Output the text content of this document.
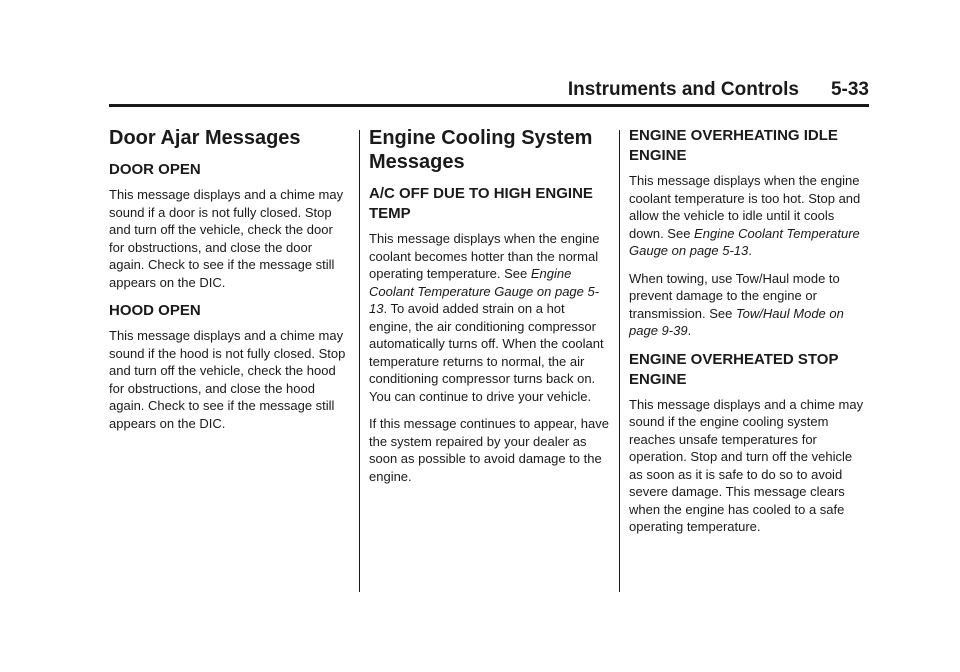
Instruments and Controls 5-33
Door Ajar Messages
DOOR OPEN

This message displays and a chime may sound if a door is not fully closed. Stop and turn off the vehicle, check the door for obstructions, and close the door again. Check to see if the message still appears on the DIC.

HOOD OPEN

This message displays and a chime may sound if the hood is not fully closed. Stop and turn off the vehicle, check the hood for obstructions, and close the hood again. Check to see if the message still appears on the DIC.

Engine Cooling System Messages
A/C OFF DUE TO HIGH ENGINE TEMP

This message displays when the engine coolant becomes hotter than the normal operating temperature. See Engine Coolant Temperature Gauge on page 5-13. To avoid added strain on a hot engine, the air conditioning compressor automatically turns off. When the coolant temperature returns to normal, the air conditioning compressor turns back on. You can continue to drive your vehicle.

If this message continues to appear, have the system repaired by your dealer as soon as possible to avoid damage to the engine.

ENGINE OVERHEATING IDLE ENGINE

This message displays when the engine coolant temperature is too hot. Stop and allow the vehicle to idle until it cools down. See Engine Coolant Temperature Gauge on page 5-13.

When towing, use Tow/Haul mode to prevent damage to the engine or transmission. See Tow/Haul Mode on page 9-39.

ENGINE OVERHEATED STOP ENGINE

This message displays and a chime may sound if the engine cooling system reaches unsafe temperatures for operation. Stop and turn off the vehicle as soon as it is safe to do so to avoid severe damage. This message clears when the engine has cooled to a safe operating temperature.
